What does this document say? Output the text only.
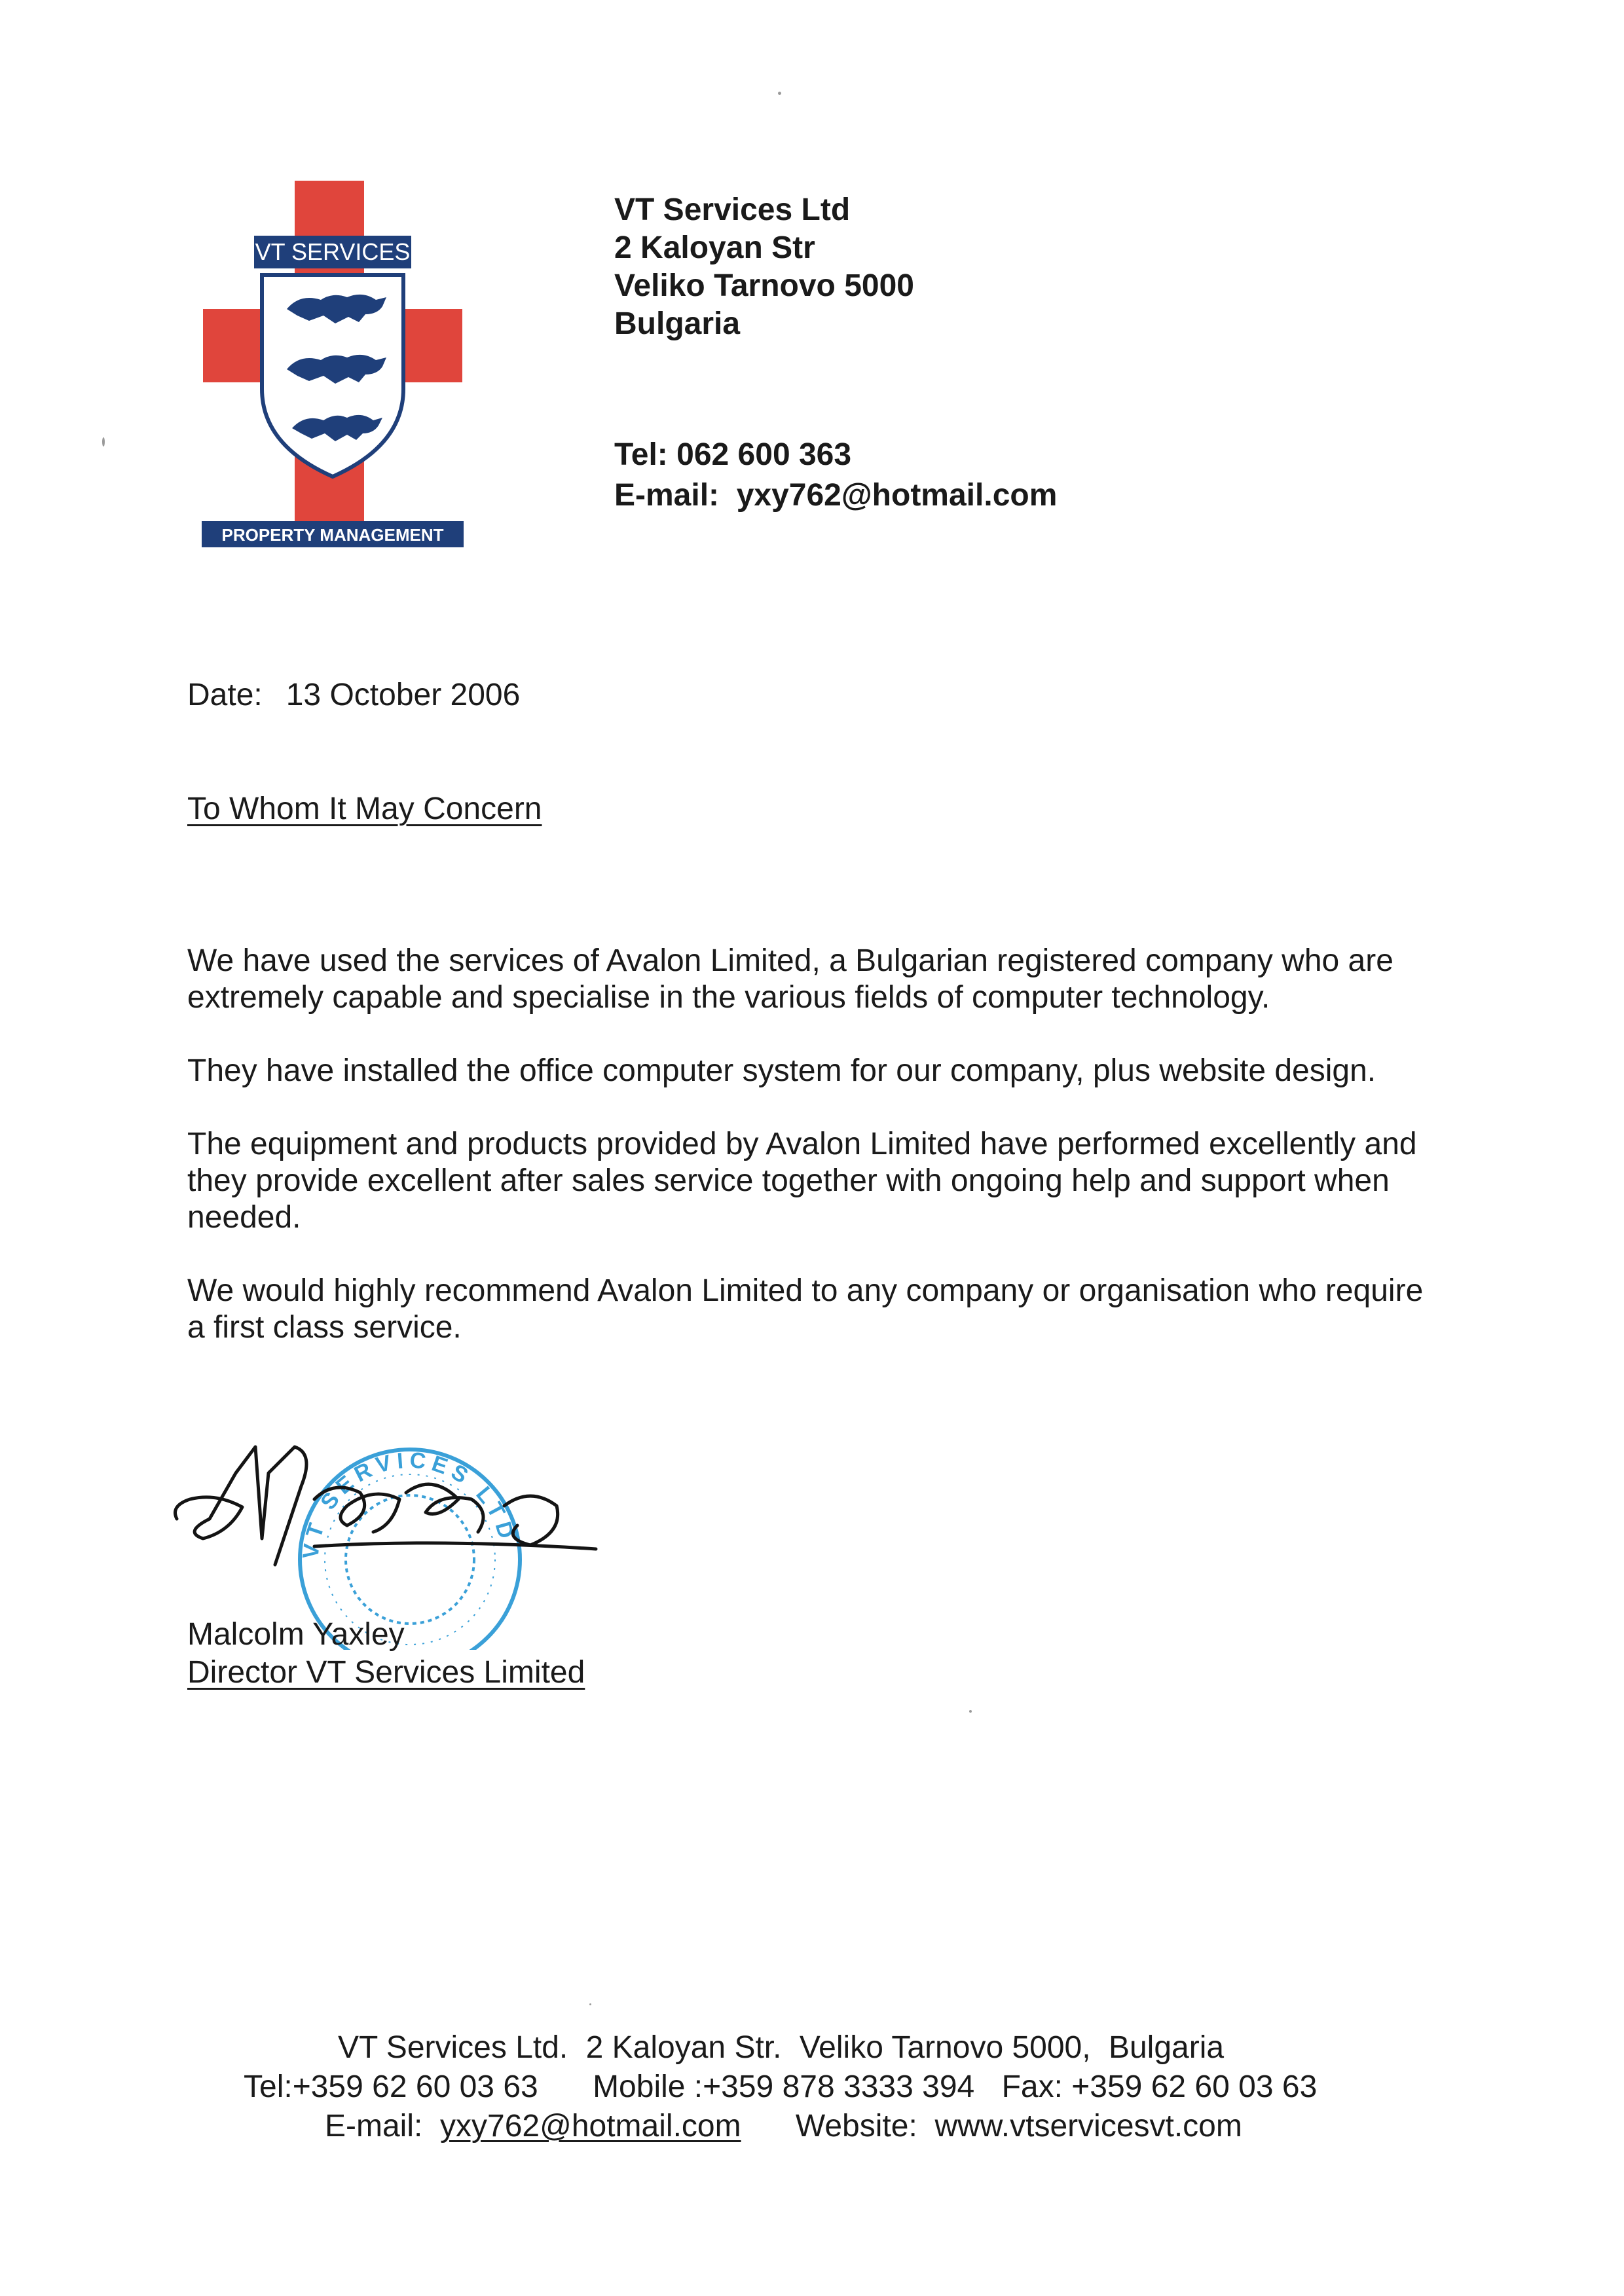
VT SERVICES
PROPERTY MANAGEMENT
VT Services Ltd
2 Kaloyan Str
Veliko Tarnovo 5000
Bulgaria
Tel: 062 600 363
E-mail: yxy762@hotmail.com
Date: 13 October 2006
To Whom It May Concern

We have used the services of Avalon Limited, a Bulgarian registered company who are extremely capable and specialise in the various fields of computer technology.

They have installed the office computer system for our company, plus website design.

The equipment and products provided by Avalon Limited have performed excellently and they provide excellent after sales service together with ongoing help and support when needed.

We would highly recommend Avalon Limited to any company or organisation who require a first class service.

VT SERVICES LTD
Malcolm Yaxley
Director VT Services Limited
VT Services Ltd. 2 Kaloyan Str. Veliko Tarnovo 5000, Bulgaria
Tel:+359 62 60 03 63 Mobile :+359 878 3333 394 Fax: +359 62 60 03 63
E-mail: yxy762@hotmail.com Website: www.vtservicesvt.com
